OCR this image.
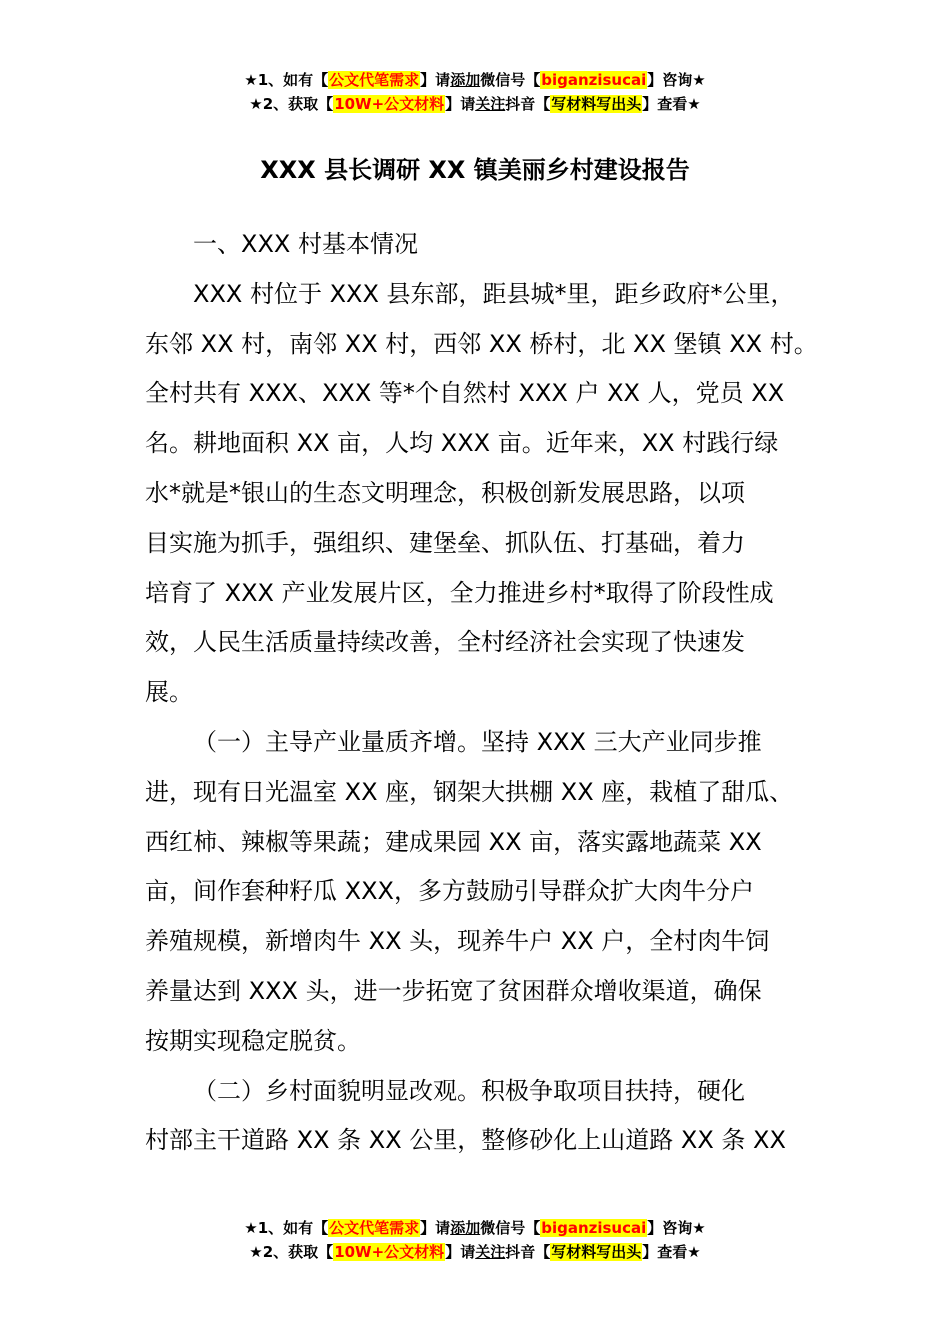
★1、如有【公文代笔需求】请添加微信号【biganzisucai】咨询★
★2、获取【10W+公文材料】请关注抖音【写材料写出头】查看★
XXX 县长调研 XX 镇美丽乡村建设报告
一、XXX 村基本情况
XXX 村位于 XXX 县东部，距县城*里，距乡政府*公里，
东邻 XX 村，南邻 XX 村，西邻 XX 桥村，北 XX 堡镇 XX 村。
全村共有 XXX、XXX 等*个自然村 XXX 户 XX 人，党员 XX
名。耕地面积 XX 亩，人均 XXX 亩。近年来，XX 村践行绿
水*就是*银山的生态文明理念，积极创新发展思路，以项
目实施为抓手，强组织、建堡垒、抓队伍、打基础，着力
培育了 XXX 产业发展片区，全力推进乡村*取得了阶段性成
效，人民生活质量持续改善，全村经济社会实现了快速发
展。
（一）主导产业量质齐增。坚持 XXX 三大产业同步推
进，现有日光温室 XX 座，钢架大拱棚 XX 座，栽植了甜瓜、
西红柿、辣椒等果蔬；建成果园 XX 亩，落实露地蔬菜 XX
亩，间作套种籽瓜 XXX，多方鼓励引导群众扩大肉牛分户
养殖规模，新增肉牛 XX 头，现养牛户 XX 户，全村肉牛饲
养量达到 XXX 头，进一步拓宽了贫困群众增收渠道，确保
按期实现稳定脱贫。
（二）乡村面貌明显改观。积极争取项目扶持，硬化
村部主干道路 XX 条 XX 公里，整修砂化上山道路 XX 条 XX
★1、如有【公文代笔需求】请添加微信号【biganzisucai】咨询★
★2、获取【10W+公文材料】请关注抖音【写材料写出头】查看★
